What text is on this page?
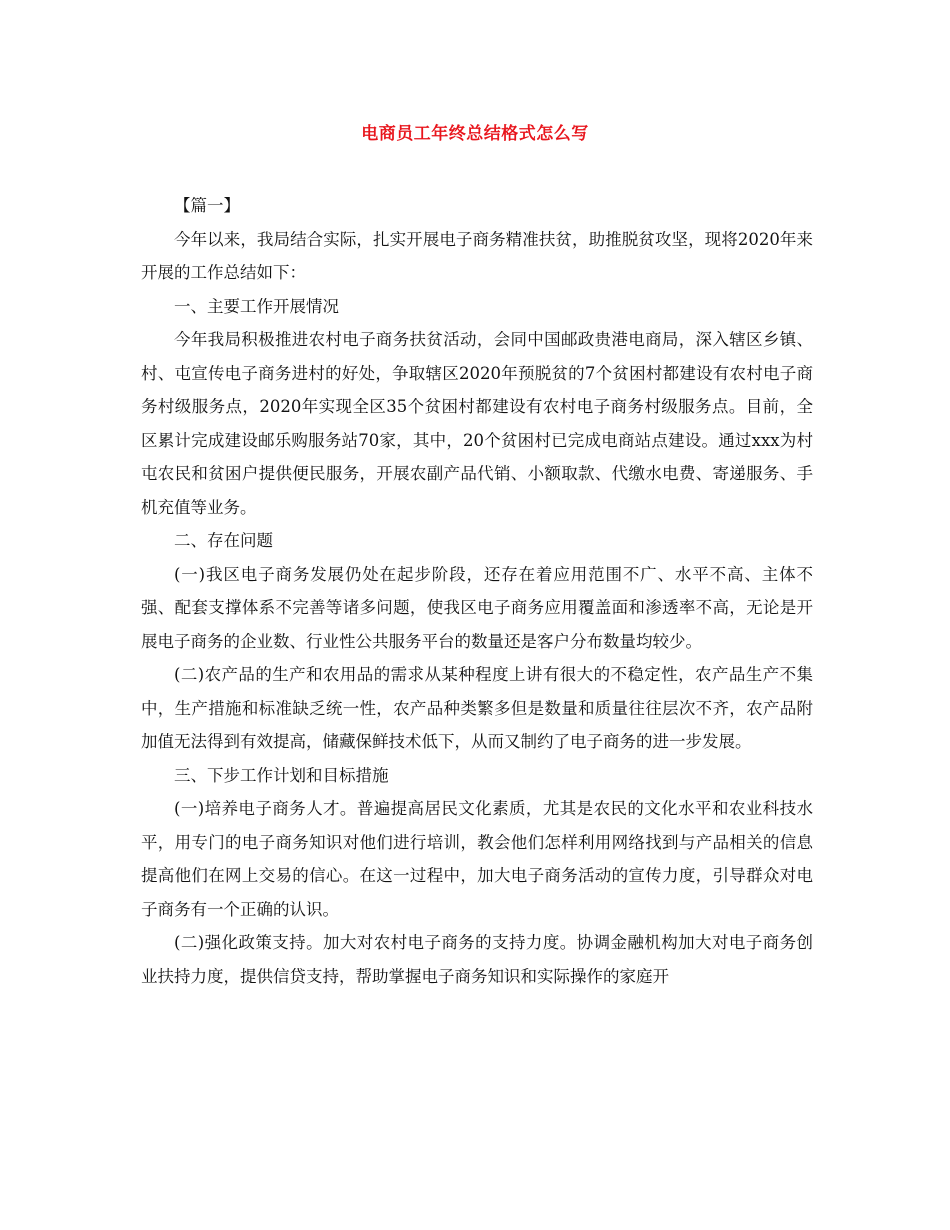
电商员工年终总结格式怎么写

【篇一】

今年以来，我局结合实际，扎实开展电子商务精准扶贫，助推脱贫攻坚，现将2020年来开展的工作总结如下：

一、主要工作开展情况

今年我局积极推进农村电子商务扶贫活动，会同中国邮政贵港电商局，深入辖区乡镇、村、屯宣传电子商务进村的好处，争取辖区2020年预脱贫的7个贫困村都建设有农村电子商务村级服务点，2020年实现全区35个贫困村都建设有农村电子商务村级服务点。目前，全区累计完成建设邮乐购服务站70家，其中，20个贫困村已完成电商站点建设。通过xxx为村屯农民和贫困户提供便民服务，开展农副产品代销、小额取款、代缴水电费、寄递服务、手机充值等业务。

二、存在问题

(一)我区电子商务发展仍处在起步阶段，还存在着应用范围不广、水平不高、主体不强、配套支撑体系不完善等诸多问题，使我区电子商务应用覆盖面和渗透率不高，无论是开展电子商务的企业数、行业性公共服务平台的数量还是客户分布数量均较少。

(二)农产品的生产和农用品的需求从某种程度上讲有很大的不稳定性，农产品生产不集中，生产措施和标准缺乏统一性，农产品种类繁多但是数量和质量往往层次不齐，农产品附加值无法得到有效提高，储藏保鲜技术低下，从而又制约了电子商务的进一步发展。

三、下步工作计划和目标措施

(一)培养电子商务人才。普遍提高居民文化素质，尤其是农民的文化水平和农业科技水平，用专门的电子商务知识对他们进行培训，教会他们怎样利用网络找到与产品相关的信息提高他们在网上交易的信心。在这一过程中，加大电子商务活动的宣传力度，引导群众对电子商务有一个正确的认识。

(二)强化政策支持。加大对农村电子商务的支持力度。协调金融机构加大对电子商务创业扶持力度，提供信贷支持，帮助掌握电子商务知识和实际操作的家庭开
